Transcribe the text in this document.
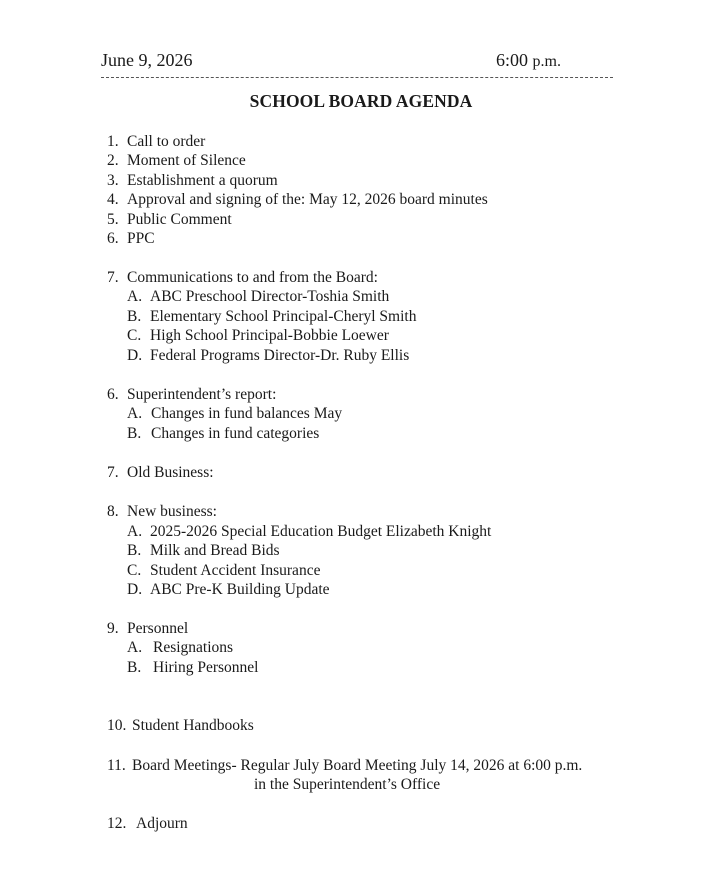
June 9, 2026	6:00 p.m.
SCHOOL BOARD AGENDA
1. Call to order
2. Moment of Silence
3. Establishment a quorum
4. Approval and signing of the: May 12, 2026 board minutes
5. Public Comment
6. PPC
7. Communications to and from the Board:
A. ABC Preschool Director-Toshia Smith
B. Elementary School Principal-Cheryl Smith
C. High School Principal-Bobbie Loewer
D. Federal Programs Director-Dr. Ruby Ellis
6. Superintendent’s report:
A. Changes in fund balances May
B. Changes in fund categories
7. Old Business:
8. New business:
A. 2025-2026 Special Education Budget Elizabeth Knight
B. Milk and Bread Bids
C. Student Accident Insurance
D. ABC Pre-K Building Update
9. Personnel
A. Resignations
B. Hiring Personnel
10. Student Handbooks
11. Board Meetings- Regular July Board Meeting July 14, 2026 at 6:00 p.m.
in the Superintendent’s Office
12. Adjourn
